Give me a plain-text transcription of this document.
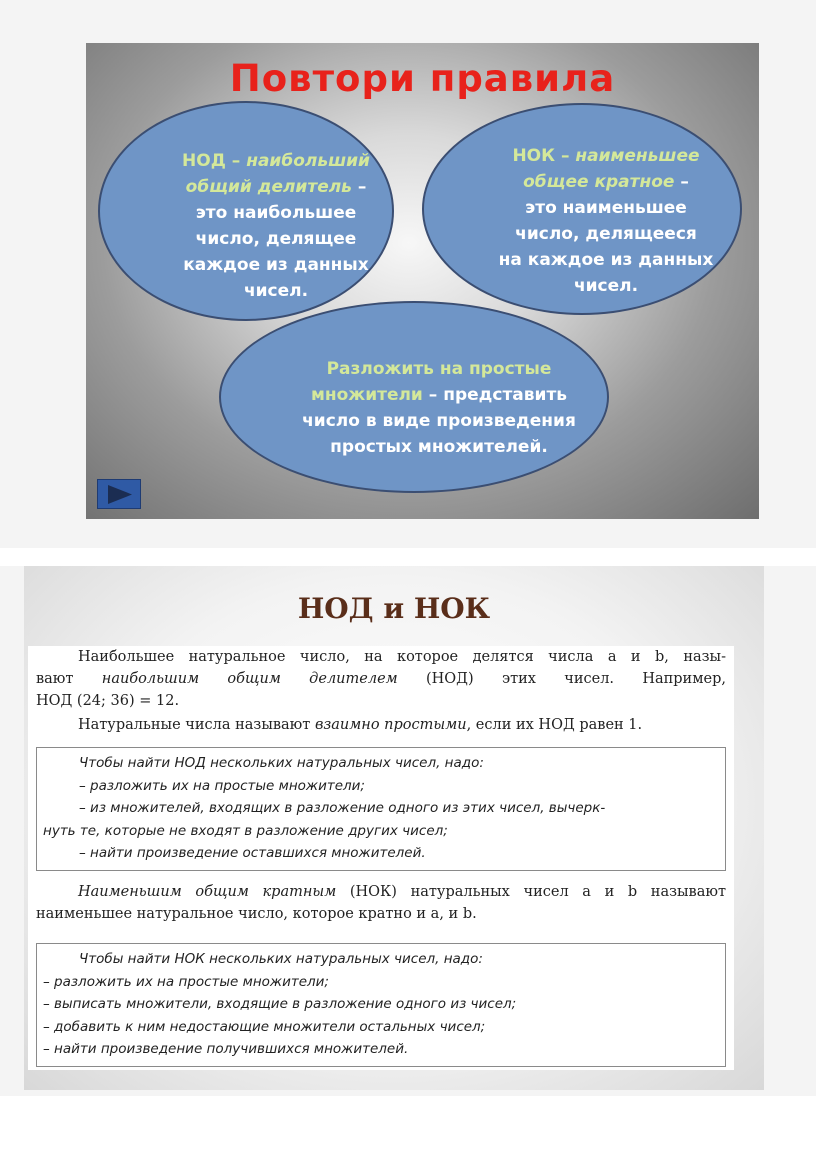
Повтори правила
НОД – наибольший
общий делитель –
это наибольшее
число, делящее
каждое из данных
чисел.
НОК – наименьшее
общее кратное –
это наименьшее
число, делящееся
на каждое из данных
чисел.
Разложить на простые
множители – представить
число в виде произведения
простых множителей.
НОД и НОК
Наибольшее натуральное число, на которое делятся числа a и b, назы-
вают наибольшим общим делителем (НОД) этих чисел. Например,
НОД (24; 36) = 12.
Натуральные числа называют взаимно простыми, если их НОД равен 1.
Чтобы найти НОД нескольких натуральных чисел, надо:
– разложить их на простые множители;
– из множителей, входящих в разложение одного из этих чисел, вычерк-
нуть те, которые не входят в разложение других чисел;
– найти произведение оставшихся множителей.
Наименьшим общим кратным (НОК) натуральных чисел a и b называют
наименьшее натуральное число, которое кратно и a, и b.
Чтобы найти НОК нескольких натуральных чисел, надо:
– разложить их на простые множители;
– выписать множители, входящие в разложение одного из чисел;
– добавить к ним недостающие множители остальных чисел;
– найти произведение получившихся множителей.
